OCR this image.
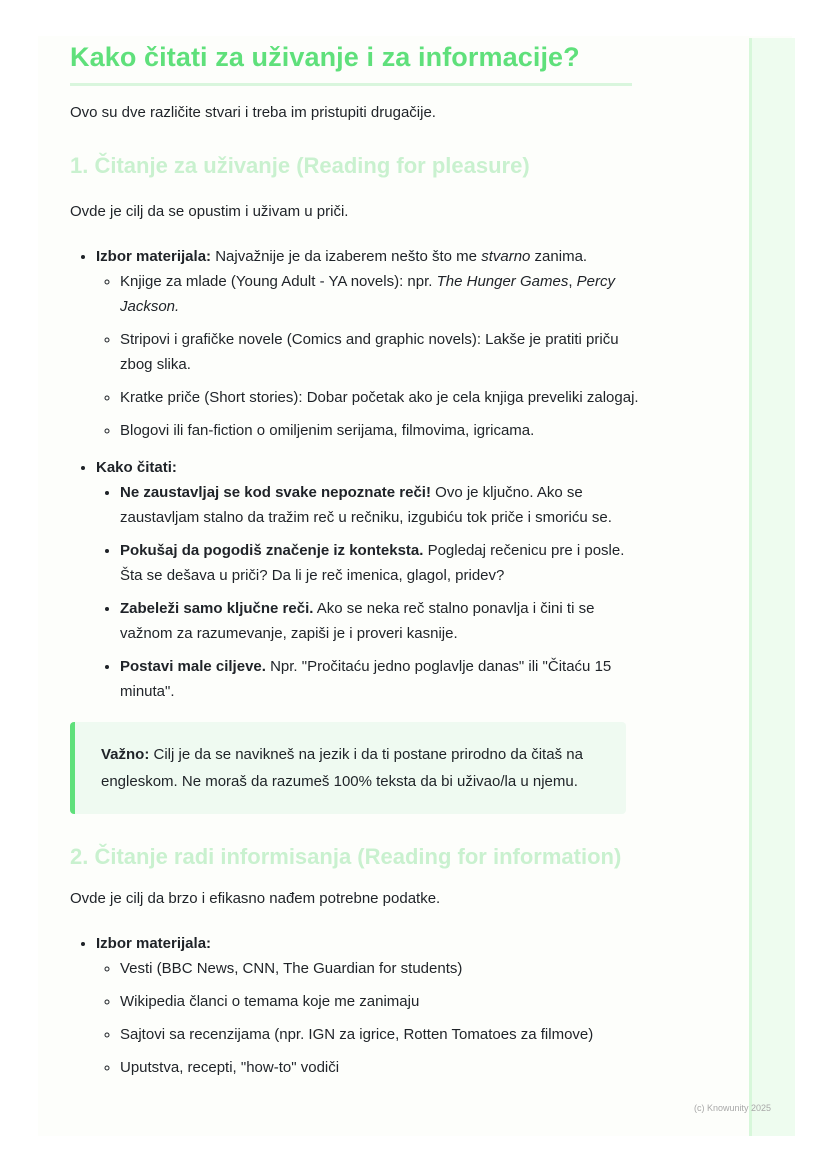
Kako čitati za uživanje i za informacije?

Ovo su dve različite stvari i treba im pristupiti drugačije.

1. Čitanje za uživanje (Reading for pleasure)

Ovde je cilj da se opustim i uživam u priči.

• Izbor materijala: Najvažnije je da izaberem nešto što me stvarno zanima.
◦ Knjige za mlade (Young Adult - YA novels): npr. The Hunger Games, Percy Jackson.
◦ Stripovi i grafičke novele (Comics and graphic novels): Lakše je pratiti priču zbog slika.
◦ Kratke priče (Short stories): Dobar početak ako je cela knjiga preveliki zalogaj.
◦ Blogovi ili fan-fiction o omiljenim serijama, filmovima, igricama.
• Kako čitati:
• Ne zaustavljaj se kod svake nepoznate reči! Ovo je ključno. Ako se zaustavljam stalno da tražim reč u rečniku, izgubiću tok priče i smoriću se.
• Pokušaj da pogodiš značenje iz konteksta. Pogledaj rečenicu pre i posle. Šta se dešava u priči? Da li je reč imenica, glagol, pridev?
• Zabeleži samo ključne reči. Ako se neka reč stalno ponavlja i čini ti se važnom za razumevanje, zapiši je i proveri kasnije.
• Postavi male ciljeve. Npr. "Pročitaću jedno poglavlje danas" ili "Čitaću 15 minuta".
Važno: Cilj je da se navikneš na jezik i da ti postane prirodno da čitaš na engleskom. Ne moraš da razumeš 100% teksta da bi uživao/la u njemu.
2. Čitanje radi informisanja (Reading for information)

Ovde je cilj da brzo i efikasno nađem potrebne podatke.

• Izbor materijala:
◦ Vesti (BBC News, CNN, The Guardian for students)
◦ Wikipedia članci o temama koje me zanimaju
◦ Sajtovi sa recenzijama (npr. IGN za igrice, Rotten Tomatoes za filmove)
◦ Uputstva, recepti, "how-to" vodiči
(c) Knowunity 2025
